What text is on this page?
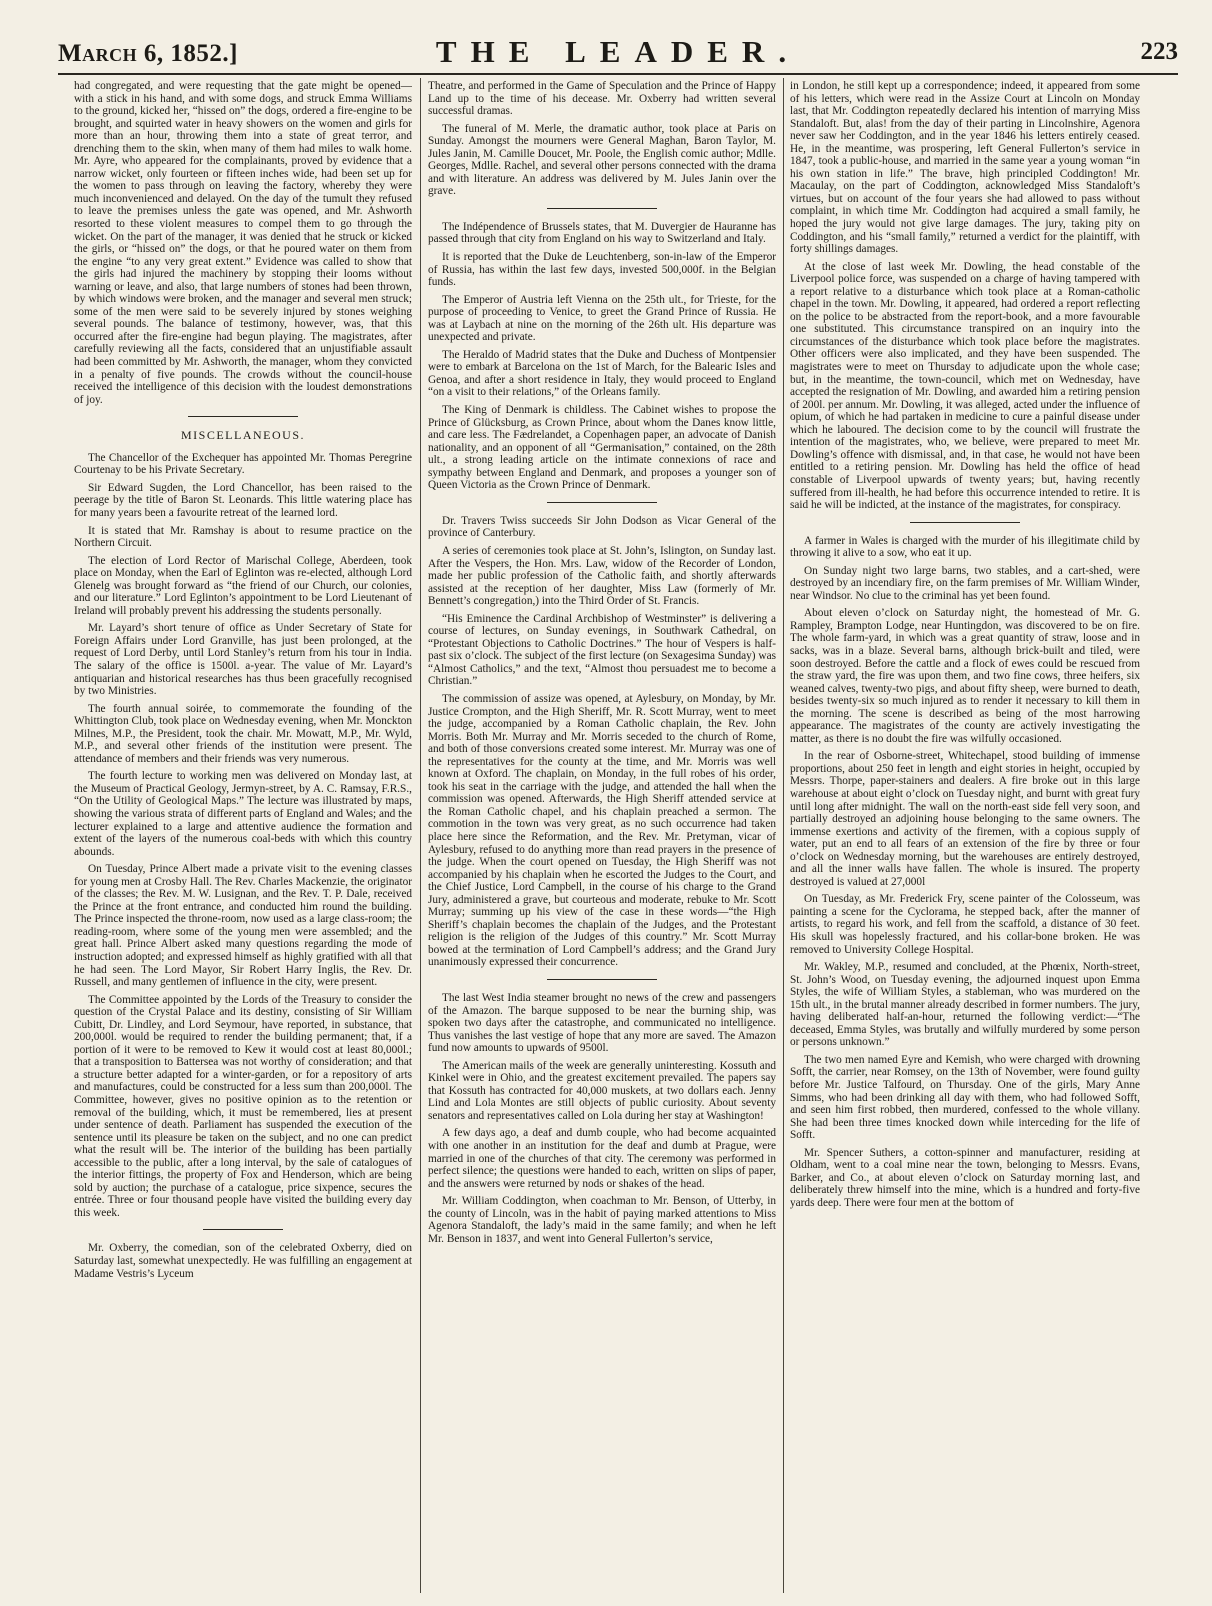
March 6, 1852.]	THE LEADER.	223

had congregated, and were requesting that the gate might be opened—with a stick in his hand, and with some dogs, and struck Emma Williams to the ground, kicked her, “hissed on” the dogs, ordered a fire-engine to be brought, and squirted water in heavy showers on the women and girls for more than an hour, throwing them into a state of great terror, and drenching them to the skin, when many of them had miles to walk home. Mr. Ayre, who appeared for the complainants, proved by evidence that a narrow wicket, only fourteen or fifteen inches wide, had been set up for the women to pass through on leaving the factory, whereby they were much inconvenienced and delayed. On the day of the tumult they refused to leave the premises unless the gate was opened, and Mr. Ashworth resorted to these violent measures to compel them to go through the wicket. On the part of the manager, it was denied that he struck or kicked the girls, or “hissed on” the dogs, or that he poured water on them from the engine “to any very great extent.” Evidence was called to show that the girls had injured the machinery by stopping their looms without warning or leave, and also, that large numbers of stones had been thrown, by which windows were broken, and the manager and several men struck; some of the men were said to be severely injured by stones weighing several pounds. The balance of testimony, however, was, that this occurred after the fire-engine had begun playing. The magistrates, after carefully reviewing all the facts, considered that an unjustifiable assault had been committed by Mr. Ashworth, the manager, whom they convicted in a penalty of five pounds. The crowds without the council-house received the intelligence of this decision with the loudest demonstrations of joy.

MISCELLANEOUS.

The Chancellor of the Exchequer has appointed Mr. Thomas Peregrine Courtenay to be his Private Secretary.

Sir Edward Sugden, the Lord Chancellor, has been raised to the peerage by the title of Baron St. Leonards. This little watering place has for many years been a favourite retreat of the learned lord.

It is stated that Mr. Ramshay is about to resume practice on the Northern Circuit.

The election of Lord Rector of Marischal College, Aberdeen, took place on Monday, when the Earl of Eglinton was re-elected, although Lord Glenelg was brought forward as “the friend of our Church, our colonies, and our literature.” Lord Eglinton’s appointment to be Lord Lieutenant of Ireland will probably prevent his addressing the students personally.

Mr. Layard’s short tenure of office as Under Secretary of State for Foreign Affairs under Lord Granville, has just been prolonged, at the request of Lord Derby, until Lord Stanley’s return from his tour in India. The salary of the office is 1500l. a-year. The value of Mr. Layard’s antiquarian and historical researches has thus been gracefully recognised by two Ministries.

The fourth annual soirée, to commemorate the founding of the Whittington Club, took place on Wednesday evening, when Mr. Monckton Milnes, M.P., the President, took the chair. Mr. Mowatt, M.P., Mr. Wyld, M.P., and several other friends of the institution were present. The attendance of members and their friends was very numerous.

The fourth lecture to working men was delivered on Monday last, at the Museum of Practical Geology, Jermyn-street, by A. C. Ramsay, F.R.S., “On the Utility of Geological Maps.” The lecture was illustrated by maps, showing the various strata of different parts of England and Wales; and the lecturer explained to a large and attentive audience the formation and extent of the layers of the numerous coal-beds with which this country abounds.

On Tuesday, Prince Albert made a private visit to the evening classes for young men at Crosby Hall. The Rev. Charles Mackenzie, the originator of the classes; the Rev. M. W. Lusignan, and the Rev. T. P. Dale, received the Prince at the front entrance, and conducted him round the building. The Prince inspected the throne-room, now used as a large class-room; the reading-room, where some of the young men were assembled; and the great hall. Prince Albert asked many questions regarding the mode of instruction adopted; and expressed himself as highly gratified with all that he had seen. The Lord Mayor, Sir Robert Harry Inglis, the Rev. Dr. Russell, and many gentlemen of influence in the city, were present.

The Committee appointed by the Lords of the Treasury to consider the question of the Crystal Palace and its destiny, consisting of Sir William Cubitt, Dr. Lindley, and Lord Seymour, have reported, in substance, that 200,000l. would be required to render the building permanent; that, if a portion of it were to be removed to Kew it would cost at least 80,000l.; that a transposition to Battersea was not worthy of consideration; and that a structure better adapted for a winter-garden, or for a repository of arts and manufactures, could be constructed for a less sum than 200,000l. The Committee, however, gives no positive opinion as to the retention or removal of the building, which, it must be remembered, lies at present under sentence of death. Parliament has suspended the execution of the sentence until its pleasure be taken on the subject, and no one can predict what the result will be. The interior of the building has been partially accessible to the public, after a long interval, by the sale of catalogues of the interior fittings, the property of Fox and Henderson, which are being sold by auction; the purchase of a catalogue, price sixpence, secures the entrée. Three or four thousand people have visited the building every day this week.

Mr. Oxberry, the comedian, son of the celebrated Oxberry, died on Saturday last, somewhat unexpectedly. He was fulfilling an engagement at Madame Vestris’s Lyceum

Theatre, and performed in the Game of Speculation and the Prince of Happy Land up to the time of his decease. Mr. Oxberry had written several successful dramas.

The funeral of M. Merle, the dramatic author, took place at Paris on Sunday. Amongst the mourners were General Maghan, Baron Taylor, M. Jules Janin, M. Camille Doucet, Mr. Poole, the English comic author; Mdlle. Georges, Mdlle. Rachel, and several other persons connected with the drama and with literature. An address was delivered by M. Jules Janin over the grave.

The Indépendence of Brussels states, that M. Duvergier de Hauranne has passed through that city from England on his way to Switzerland and Italy.

It is reported that the Duke de Leuchtenberg, son-in-law of the Emperor of Russia, has within the last few days, invested 500,000f. in the Belgian funds.

The Emperor of Austria left Vienna on the 25th ult., for Trieste, for the purpose of proceeding to Venice, to greet the Grand Prince of Russia. He was at Laybach at nine on the morning of the 26th ult. His departure was unexpected and private.

The Heraldo of Madrid states that the Duke and Duchess of Montpensier were to embark at Barcelona on the 1st of March, for the Balearic Isles and Genoa, and after a short residence in Italy, they would proceed to England “on a visit to their relations,” of the Orleans family.

The King of Denmark is childless. The Cabinet wishes to propose the Prince of Glücksburg, as Crown Prince, about whom the Danes know little, and care less. The Fædrelandet, a Copenhagen paper, an advocate of Danish nationality, and an opponent of all “Germanisation,” contained, on the 28th ult., a strong leading article on the intimate connexions of race and sympathy between England and Denmark, and proposes a younger son of Queen Victoria as the Crown Prince of Denmark.

Dr. Travers Twiss succeeds Sir John Dodson as Vicar General of the province of Canterbury.

A series of ceremonies took place at St. John’s, Islington, on Sunday last. After the Vespers, the Hon. Mrs. Law, widow of the Recorder of London, made her public profession of the Catholic faith, and shortly afterwards assisted at the reception of her daughter, Miss Law (formerly of Mr. Bennett’s congregation,) into the Third Order of St. Francis.

“His Eminence the Cardinal Archbishop of Westminster” is delivering a course of lectures, on Sunday evenings, in Southwark Cathedral, on “Protestant Objections to Catholic Doctrines.” The hour of Vespers is half-past six o’clock. The subject of the first lecture (on Sexagesima Sunday) was “Almost Catholics,” and the text, “Almost thou persuadest me to become a Christian.”

The commission of assize was opened, at Aylesbury, on Monday, by Mr. Justice Crompton, and the High Sheriff, Mr. R. Scott Murray, went to meet the judge, accompanied by a Roman Catholic chaplain, the Rev. John Morris. Both Mr. Murray and Mr. Morris seceded to the church of Rome, and both of those conversions created some interest. Mr. Murray was one of the representatives for the county at the time, and Mr. Morris was well known at Oxford. The chaplain, on Monday, in the full robes of his order, took his seat in the carriage with the judge, and attended the hall when the commission was opened. Afterwards, the High Sheriff attended service at the Roman Catholic chapel, and his chaplain preached a sermon. The commotion in the town was very great, as no such occurrence had taken place here since the Reformation, and the Rev. Mr. Pretyman, vicar of Aylesbury, refused to do anything more than read prayers in the presence of the judge. When the court opened on Tuesday, the High Sheriff was not accompanied by his chaplain when he escorted the Judges to the Court, and the Chief Justice, Lord Campbell, in the course of his charge to the Grand Jury, administered a grave, but courteous and moderate, rebuke to Mr. Scott Murray; summing up his view of the case in these words—“the High Sheriff’s chaplain becomes the chaplain of the Judges, and the Protestant religion is the religion of the Judges of this country.” Mr. Scott Murray bowed at the termination of Lord Campbell’s address; and the Grand Jury unanimously expressed their concurrence.

The last West India steamer brought no news of the crew and passengers of the Amazon. The barque supposed to be near the burning ship, was spoken two days after the catastrophe, and communicated no intelligence. Thus vanishes the last vestige of hope that any more are saved. The Amazon fund now amounts to upwards of 9500l.

The American mails of the week are generally uninteresting. Kossuth and Kinkel were in Ohio, and the greatest excitement prevailed. The papers say that Kossuth has contracted for 40,000 muskets, at two dollars each. Jenny Lind and Lola Montes are still objects of public curiosity. About seventy senators and representatives called on Lola during her stay at Washington!

A few days ago, a deaf and dumb couple, who had become acquainted with one another in an institution for the deaf and dumb at Prague, were married in one of the churches of that city. The ceremony was performed in perfect silence; the questions were handed to each, written on slips of paper, and the answers were returned by nods or shakes of the head.

Mr. William Coddington, when coachman to Mr. Benson, of Utterby, in the county of Lincoln, was in the habit of paying marked attentions to Miss Agenora Standaloft, the lady’s maid in the same family; and when he left Mr. Benson in 1837, and went into General Fullerton’s service,

in London, he still kept up a correspondence; indeed, it appeared from some of his letters, which were read in the Assize Court at Lincoln on Monday last, that Mr. Coddington repeatedly declared his intention of marrying Miss Standaloft. But, alas! from the day of their parting in Lincolnshire, Agenora never saw her Coddington, and in the year 1846 his letters entirely ceased. He, in the meantime, was prospering, left General Fullerton’s service in 1847, took a public-house, and married in the same year a young woman “in his own station in life.” The brave, high principled Coddington! Mr. Macaulay, on the part of Coddington, acknowledged Miss Standaloft’s virtues, but on account of the four years she had allowed to pass without complaint, in which time Mr. Coddington had acquired a small family, he hoped the jury would not give large damages. The jury, taking pity on Coddington, and his “small family,” returned a verdict for the plaintiff, with forty shillings damages.

At the close of last week Mr. Dowling, the head constable of the Liverpool police force, was suspended on a charge of having tampered with a report relative to a disturbance which took place at a Roman-catholic chapel in the town. Mr. Dowling, it appeared, had ordered a report reflecting on the police to be abstracted from the report-book, and a more favourable one substituted. This circumstance transpired on an inquiry into the circumstances of the disturbance which took place before the magistrates. Other officers were also implicated, and they have been suspended. The magistrates were to meet on Thursday to adjudicate upon the whole case; but, in the meantime, the town-council, which met on Wednesday, have accepted the resignation of Mr. Dowling, and awarded him a retiring pension of 200l. per annum. Mr. Dowling, it was alleged, acted under the influence of opium, of which he had partaken in medicine to cure a painful disease under which he laboured. The decision come to by the council will frustrate the intention of the magistrates, who, we believe, were prepared to meet Mr. Dowling’s offence with dismissal, and, in that case, he would not have been entitled to a retiring pension. Mr. Dowling has held the office of head constable of Liverpool upwards of twenty years; but, having recently suffered from ill-health, he had before this occurrence intended to retire. It is said he will be indicted, at the instance of the magistrates, for conspiracy.

A farmer in Wales is charged with the murder of his illegitimate child by throwing it alive to a sow, who eat it up.

On Sunday night two large barns, two stables, and a cart-shed, were destroyed by an incendiary fire, on the farm premises of Mr. William Winder, near Windsor. No clue to the criminal has yet been found.

About eleven o’clock on Saturday night, the homestead of Mr. G. Rampley, Brampton Lodge, near Huntingdon, was discovered to be on fire. The whole farm-yard, in which was a great quantity of straw, loose and in sacks, was in a blaze. Several barns, although brick-built and tiled, were soon destroyed. Before the cattle and a flock of ewes could be rescued from the straw yard, the fire was upon them, and two fine cows, three heifers, six weaned calves, twenty-two pigs, and about fifty sheep, were burned to death, besides twenty-six so much injured as to render it necessary to kill them in the morning. The scene is described as being of the most harrowing appearance. The magistrates of the county are actively investigating the matter, as there is no doubt the fire was wilfully occasioned.

In the rear of Osborne-street, Whitechapel, stood building of immense proportions, about 250 feet in length and eight stories in height, occupied by Messrs. Thorpe, paper-stainers and dealers. A fire broke out in this large warehouse at about eight o’clock on Tuesday night, and burnt with great fury until long after midnight. The wall on the north-east side fell very soon, and partially destroyed an adjoining house belonging to the same owners. The immense exertions and activity of the firemen, with a copious supply of water, put an end to all fears of an extension of the fire by three or four o’clock on Wednesday morning, but the warehouses are entirely destroyed, and all the inner walls have fallen. The whole is insured. The property destroyed is valued at 27,000l

On Tuesday, as Mr. Frederick Fry, scene painter of the Colosseum, was painting a scene for the Cyclorama, he stepped back, after the manner of artists, to regard his work, and fell from the scaffold, a distance of 30 feet. His skull was hopelessly fractured, and his collar-bone broken. He was removed to University College Hospital.

Mr. Wakley, M.P., resumed and concluded, at the Phœnix, North-street, St. John’s Wood, on Tuesday evening, the adjourned inquest upon Emma Styles, the wife of William Styles, a stableman, who was murdered on the 15th ult., in the brutal manner already described in former numbers. The jury, having deliberated half-an-hour, returned the following verdict:—“The deceased, Emma Styles, was brutally and wilfully murdered by some person or persons unknown.”

The two men named Eyre and Kemish, who were charged with drowning Sofft, the carrier, near Romsey, on the 13th of November, were found guilty before Mr. Justice Talfourd, on Thursday. One of the girls, Mary Anne Simms, who had been drinking all day with them, who had followed Sofft, and seen him first robbed, then murdered, confessed to the whole villany. She had been three times knocked down while interceding for the life of Sofft.

Mr. Spencer Suthers, a cotton-spinner and manufacturer, residing at Oldham, went to a coal mine near the town, belonging to Messrs. Evans, Barker, and Co., at about eleven o’clock on Saturday morning last, and deliberately threw himself into the mine, which is a hundred and forty-five yards deep. There were four men at the bottom of
